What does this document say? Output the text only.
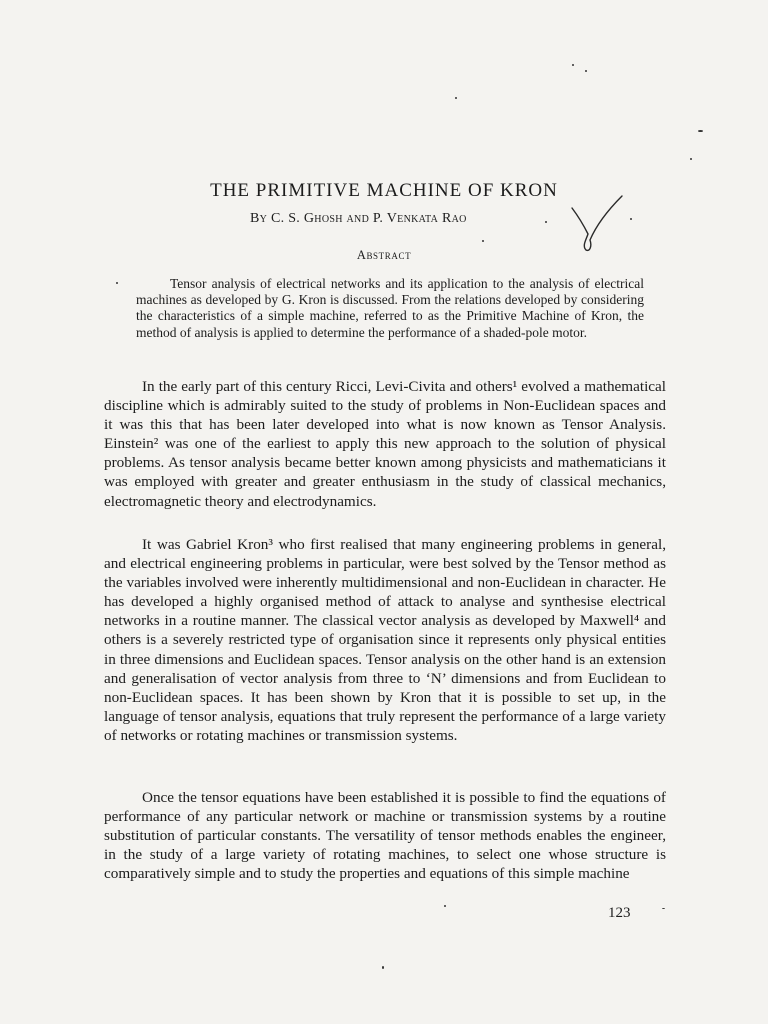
THE PRIMITIVE MACHINE OF KRON
By C. S. Ghosh and P. Venkata Rao
Abstract

Tensor analysis of electrical networks and its application to the analysis of electrical machines as developed by G. Kron is discussed. From the relations developed by considering the characteristics of a simple machine, referred to as the Primitive Machine of Kron, the method of analysis is applied to determine the performance of a shaded-pole motor.

In the early part of this century Ricci, Levi-Civita and others¹ evolved a mathematical discipline which is admirably suited to the study of problems in Non-Euclidean spaces and it was this that has been later developed into what is now known as Tensor Analysis. Einstein² was one of the earliest to apply this new approach to the solution of physical problems. As tensor analysis became better known among physicists and mathematicians it was employed with greater and greater enthusiasm in the study of classical mechanics, electromagnetic theory and electrodynamics.

It was Gabriel Kron³ who first realised that many engineering problems in general, and electrical engineering problems in particular, were best solved by the Tensor method as the variables involved were inherently multidimensional and non-Euclidean in character. He has developed a highly organised method of attack to analyse and synthesise electrical networks in a routine manner. The classical vector analysis as developed by Maxwell⁴ and others is a severely restricted type of organisation since it represents only physical entities in three dimensions and Euclidean spaces. Tensor analysis on the other hand is an extension and generalisation of vector analysis from three to ‘N’ dimensions and from Euclidean to non-Euclidean spaces. It has been shown by Kron that it is possible to set up, in the language of tensor analysis, equations that truly represent the performance of a large variety of networks or rotating machines or transmission systems.

Once the tensor equations have been established it is possible to find the equations of performance of any particular network or machine or transmission systems by a routine substitution of particular constants. The versatility of tensor methods enables the engineer, in the study of a large variety of rotating machines, to select one whose structure is comparatively simple and to study the properties and equations of this simple machine

123
